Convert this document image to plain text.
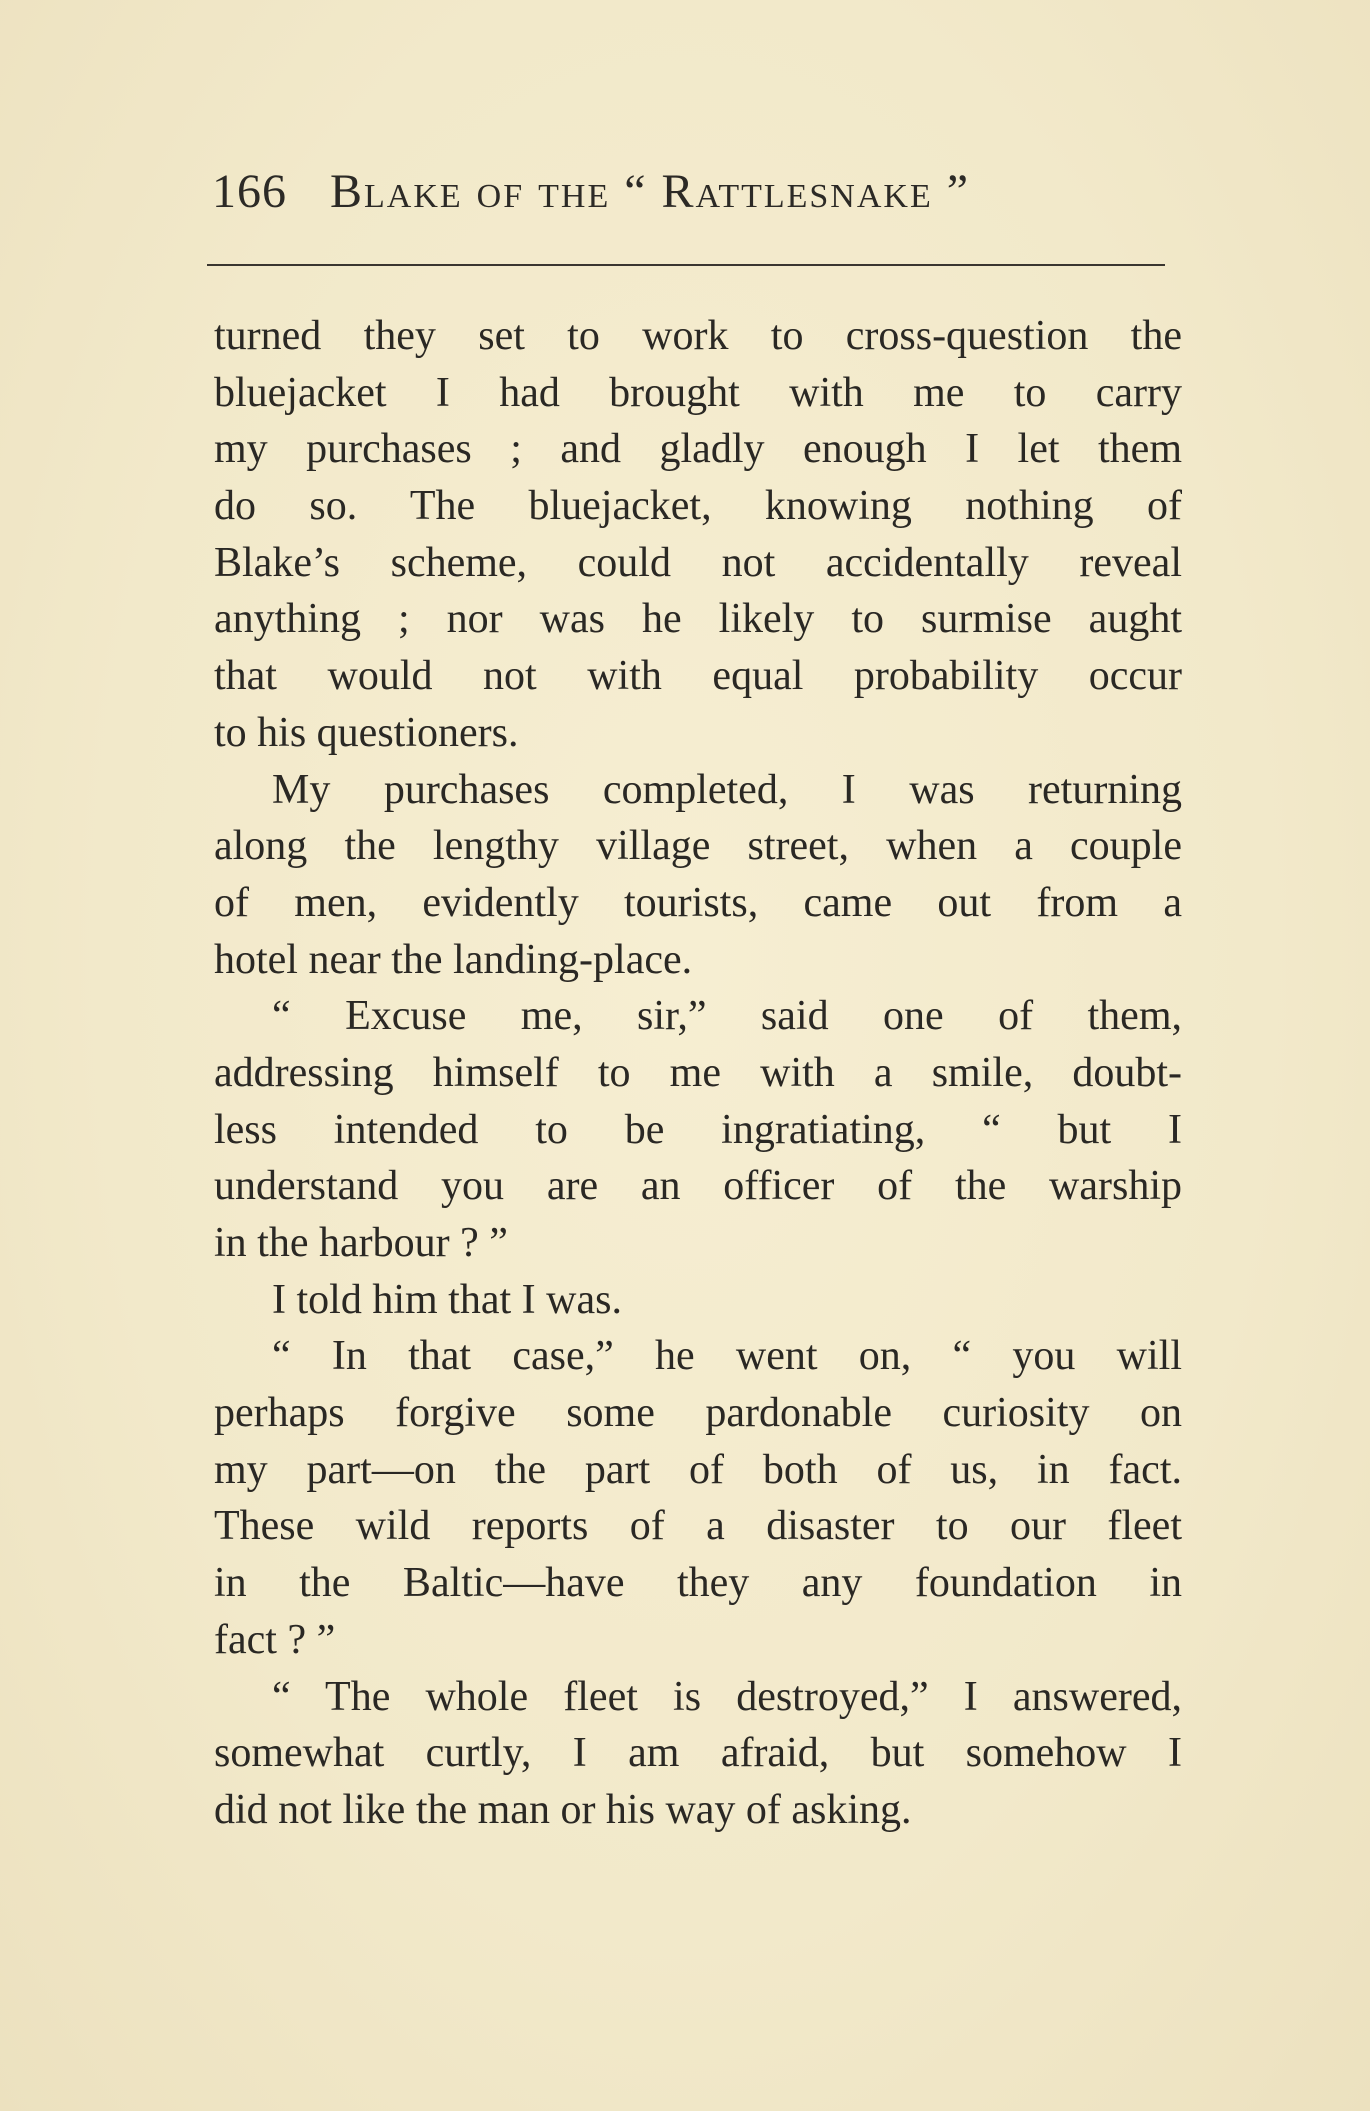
166 Blake of the “ Rattlesnake ”
turned they set to work to cross-question the
bluejacket I had brought with me to carry
my purchases ; and gladly enough I let them
do so. The bluejacket, knowing nothing of
Blake’s scheme, could not accidentally reveal
anything ; nor was he likely to surmise aught
that would not with equal probability occur
to his questioners.
My purchases completed, I was returning
along the lengthy village street, when a couple
of men, evidently tourists, came out from a
hotel near the landing-place.
“ Excuse me, sir,” said one of them,
addressing himself to me with a smile, doubt-
less intended to be ingratiating, “ but I
understand you are an officer of the warship
in the harbour ? ”
I told him that I was.
“ In that case,” he went on, “ you will
perhaps forgive some pardonable curiosity on
my part—on the part of both of us, in fact.
These wild reports of a disaster to our fleet
in the Baltic—have they any foundation in
fact ? ”
“ The whole fleet is destroyed,” I answered,
somewhat curtly, I am afraid, but somehow I
did not like the man or his way of asking.
